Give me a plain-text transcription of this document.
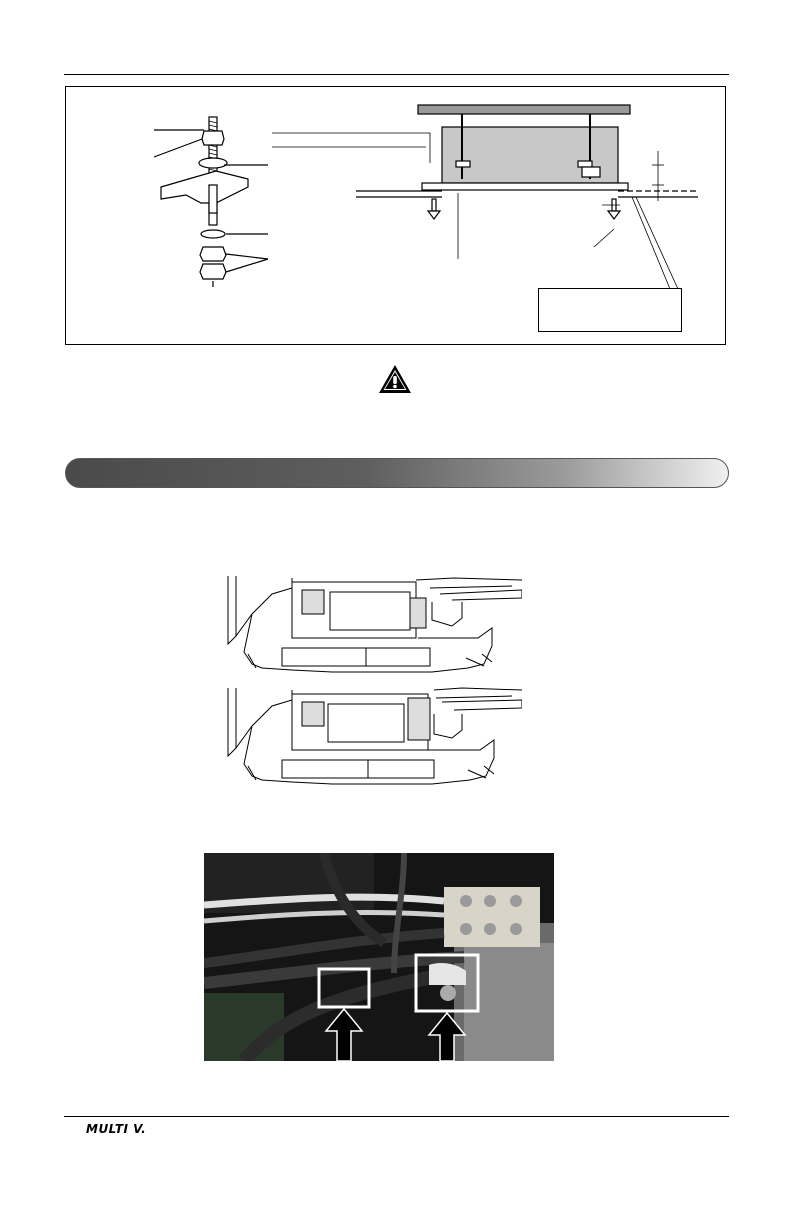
MULTI V.
